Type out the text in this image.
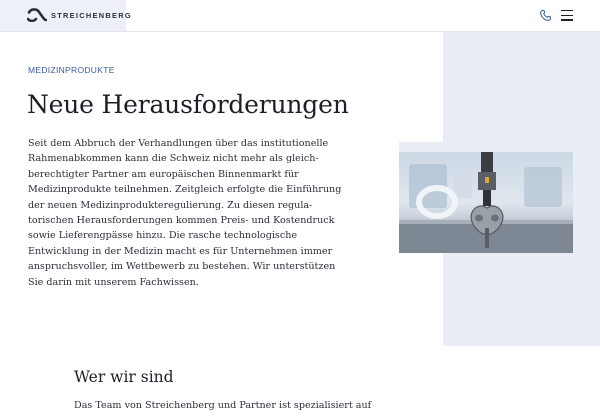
STREICHENBERG
MEDIZINPRODUKTE
Neue Herausforderungen
Seit dem Abbruch der Verhandlungen über das institutionelle
Rahmenabkommen kann die Schweiz nicht mehr als gleich-
berechtigter Partner am europäischen Binnenmarkt für
Medizinprodukte teilnehmen. Zeitgleich erfolgte die Einführung
der neuen Medizinprodukteregulierung. Zu diesen regula-
torischen Herausforderungen kommen Preis- und Kostendruck
sowie Lieferengpässe hinzu. Die rasche technologische
Entwicklung in der Medizin macht es für Unternehmen immer
anspruchsvoller, im Wettbewerb zu bestehen. Wir unterstützen
Sie darin mit unserem Fachwissen.
Wer wir sind
Das Team von Streichenberg und Partner ist spezialisiert auf
